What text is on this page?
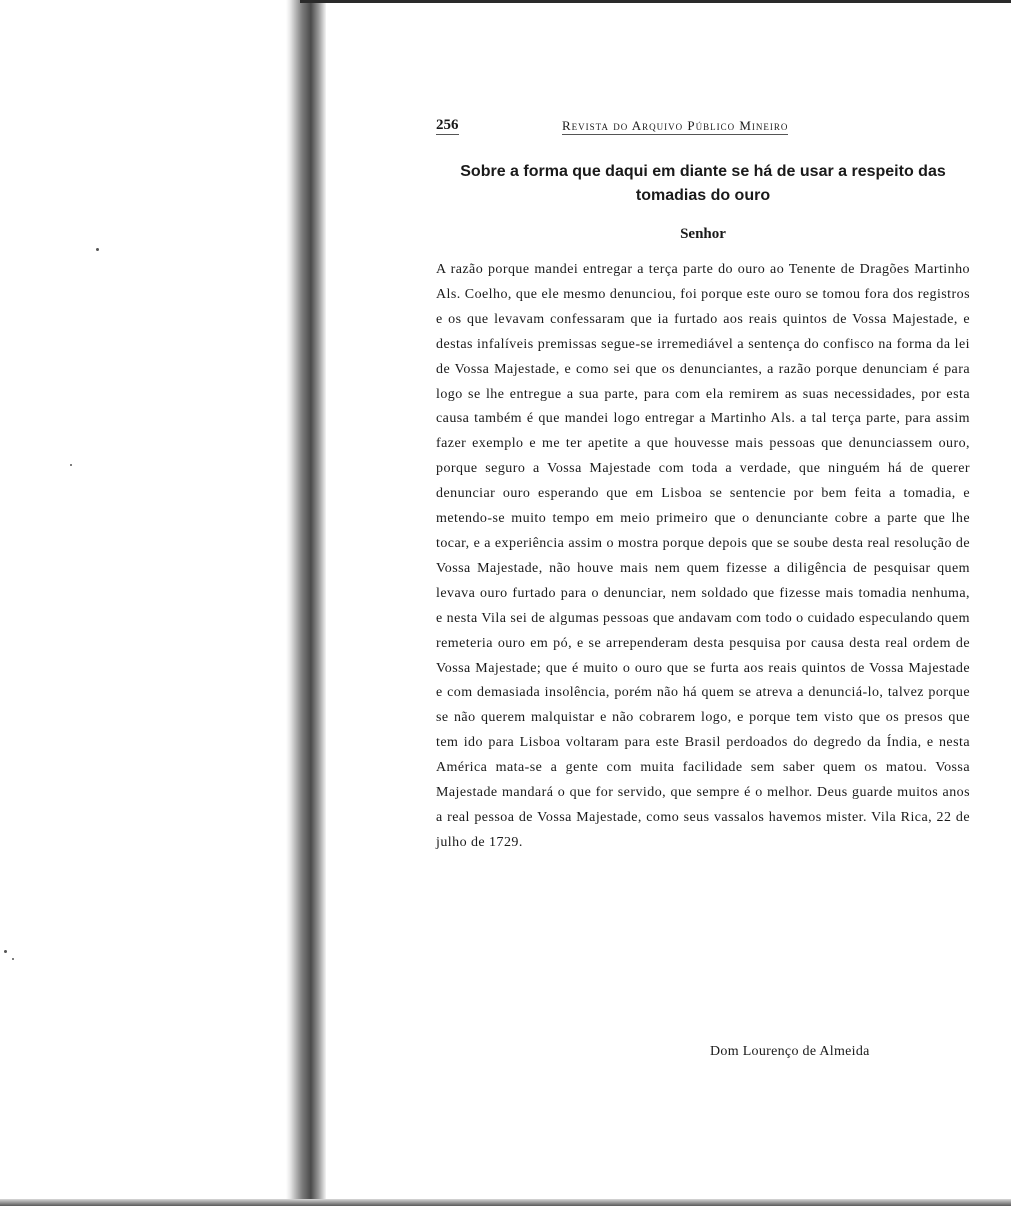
256	Revista do Arquivo Público Mineiro
Sobre a forma que daqui em diante se há de usar a respeito das tomadias do ouro
Senhor

A razão porque mandei entregar a terça parte do ouro ao Tenente de Dragões Martinho Als. Coelho, que ele mesmo denunciou, foi porque este ouro se tomou fora dos registros e os que levavam confessaram que ia furtado aos reais quintos de Vossa Majestade, e destas infalíveis premissas segue-se irremediável a sentença do confisco na forma da lei de Vossa Majestade, e como sei que os denunciantes, a razão porque denunciam é para logo se lhe entregue a sua parte, para com ela remirem as suas necessidades, por esta causa também é que mandei logo entregar a Martinho Als. a tal terça parte, para assim fazer exemplo e me ter apetite a que houvesse mais pessoas que denunciassem ouro, porque seguro a Vossa Majestade com toda a verdade, que ninguém há de querer denunciar ouro esperando que em Lisboa se sentencie por bem feita a tomadia, e metendo-se muito tempo em meio primeiro que o denunciante cobre a parte que lhe tocar, e a experiência assim o mostra porque depois que se soube desta real resolução de Vossa Majestade, não houve mais nem quem fizesse a diligência de pesquisar quem levava ouro furtado para o denunciar, nem soldado que fizesse mais tomadia nenhuma, e nesta Vila sei de algumas pessoas que andavam com todo o cuidado especulando quem remeteria ouro em pó, e se arrependeram desta pesquisa por causa desta real ordem de Vossa Majestade; que é muito o ouro que se furta aos reais quintos de Vossa Majestade e com demasiada insolência, porém não há quem se atreva a denunciá-lo, talvez porque se não querem malquistar e não cobrarem logo, e porque tem visto que os presos que tem ido para Lisboa voltaram para este Brasil perdoados do degredo da Índia, e nesta América mata-se a gente com muita facilidade sem saber quem os matou. Vossa Majestade mandará o que for servido, que sempre é o melhor. Deus guarde muitos anos a real pessoa de Vossa Majestade, como seus vassalos havemos mister. Vila Rica, 22 de julho de 1729.

Dom Lourenço de Almeida
